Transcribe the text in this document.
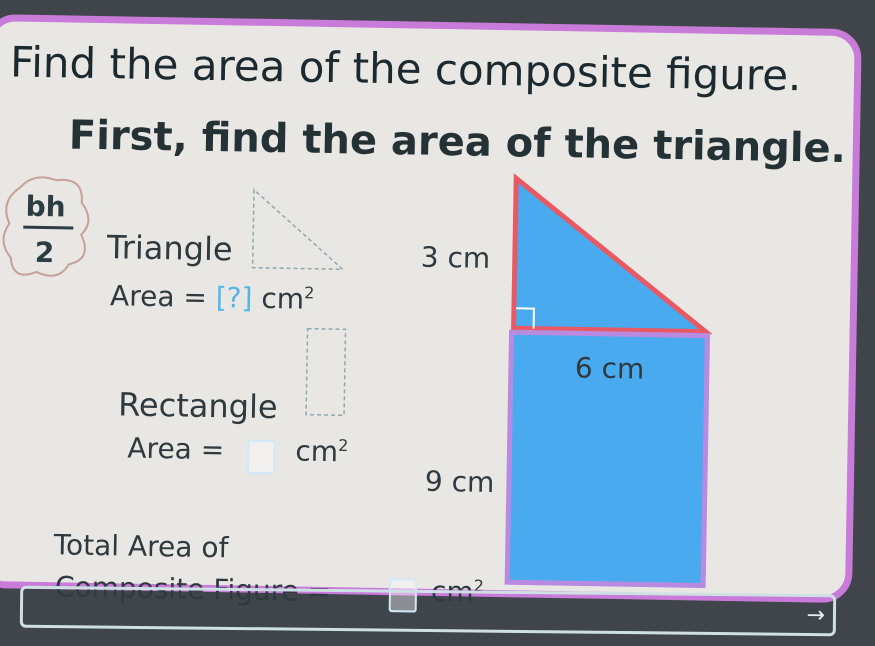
Find the area of the composite figure.
First, find the area of the triangle.
bh
2 Triangle
Area = [?] $cm^2$
Rectangle
Area =	$cm^2$
Total Area of
Composite Figure =	$cm^2$
3 cm
6 cm
9 cm
→
